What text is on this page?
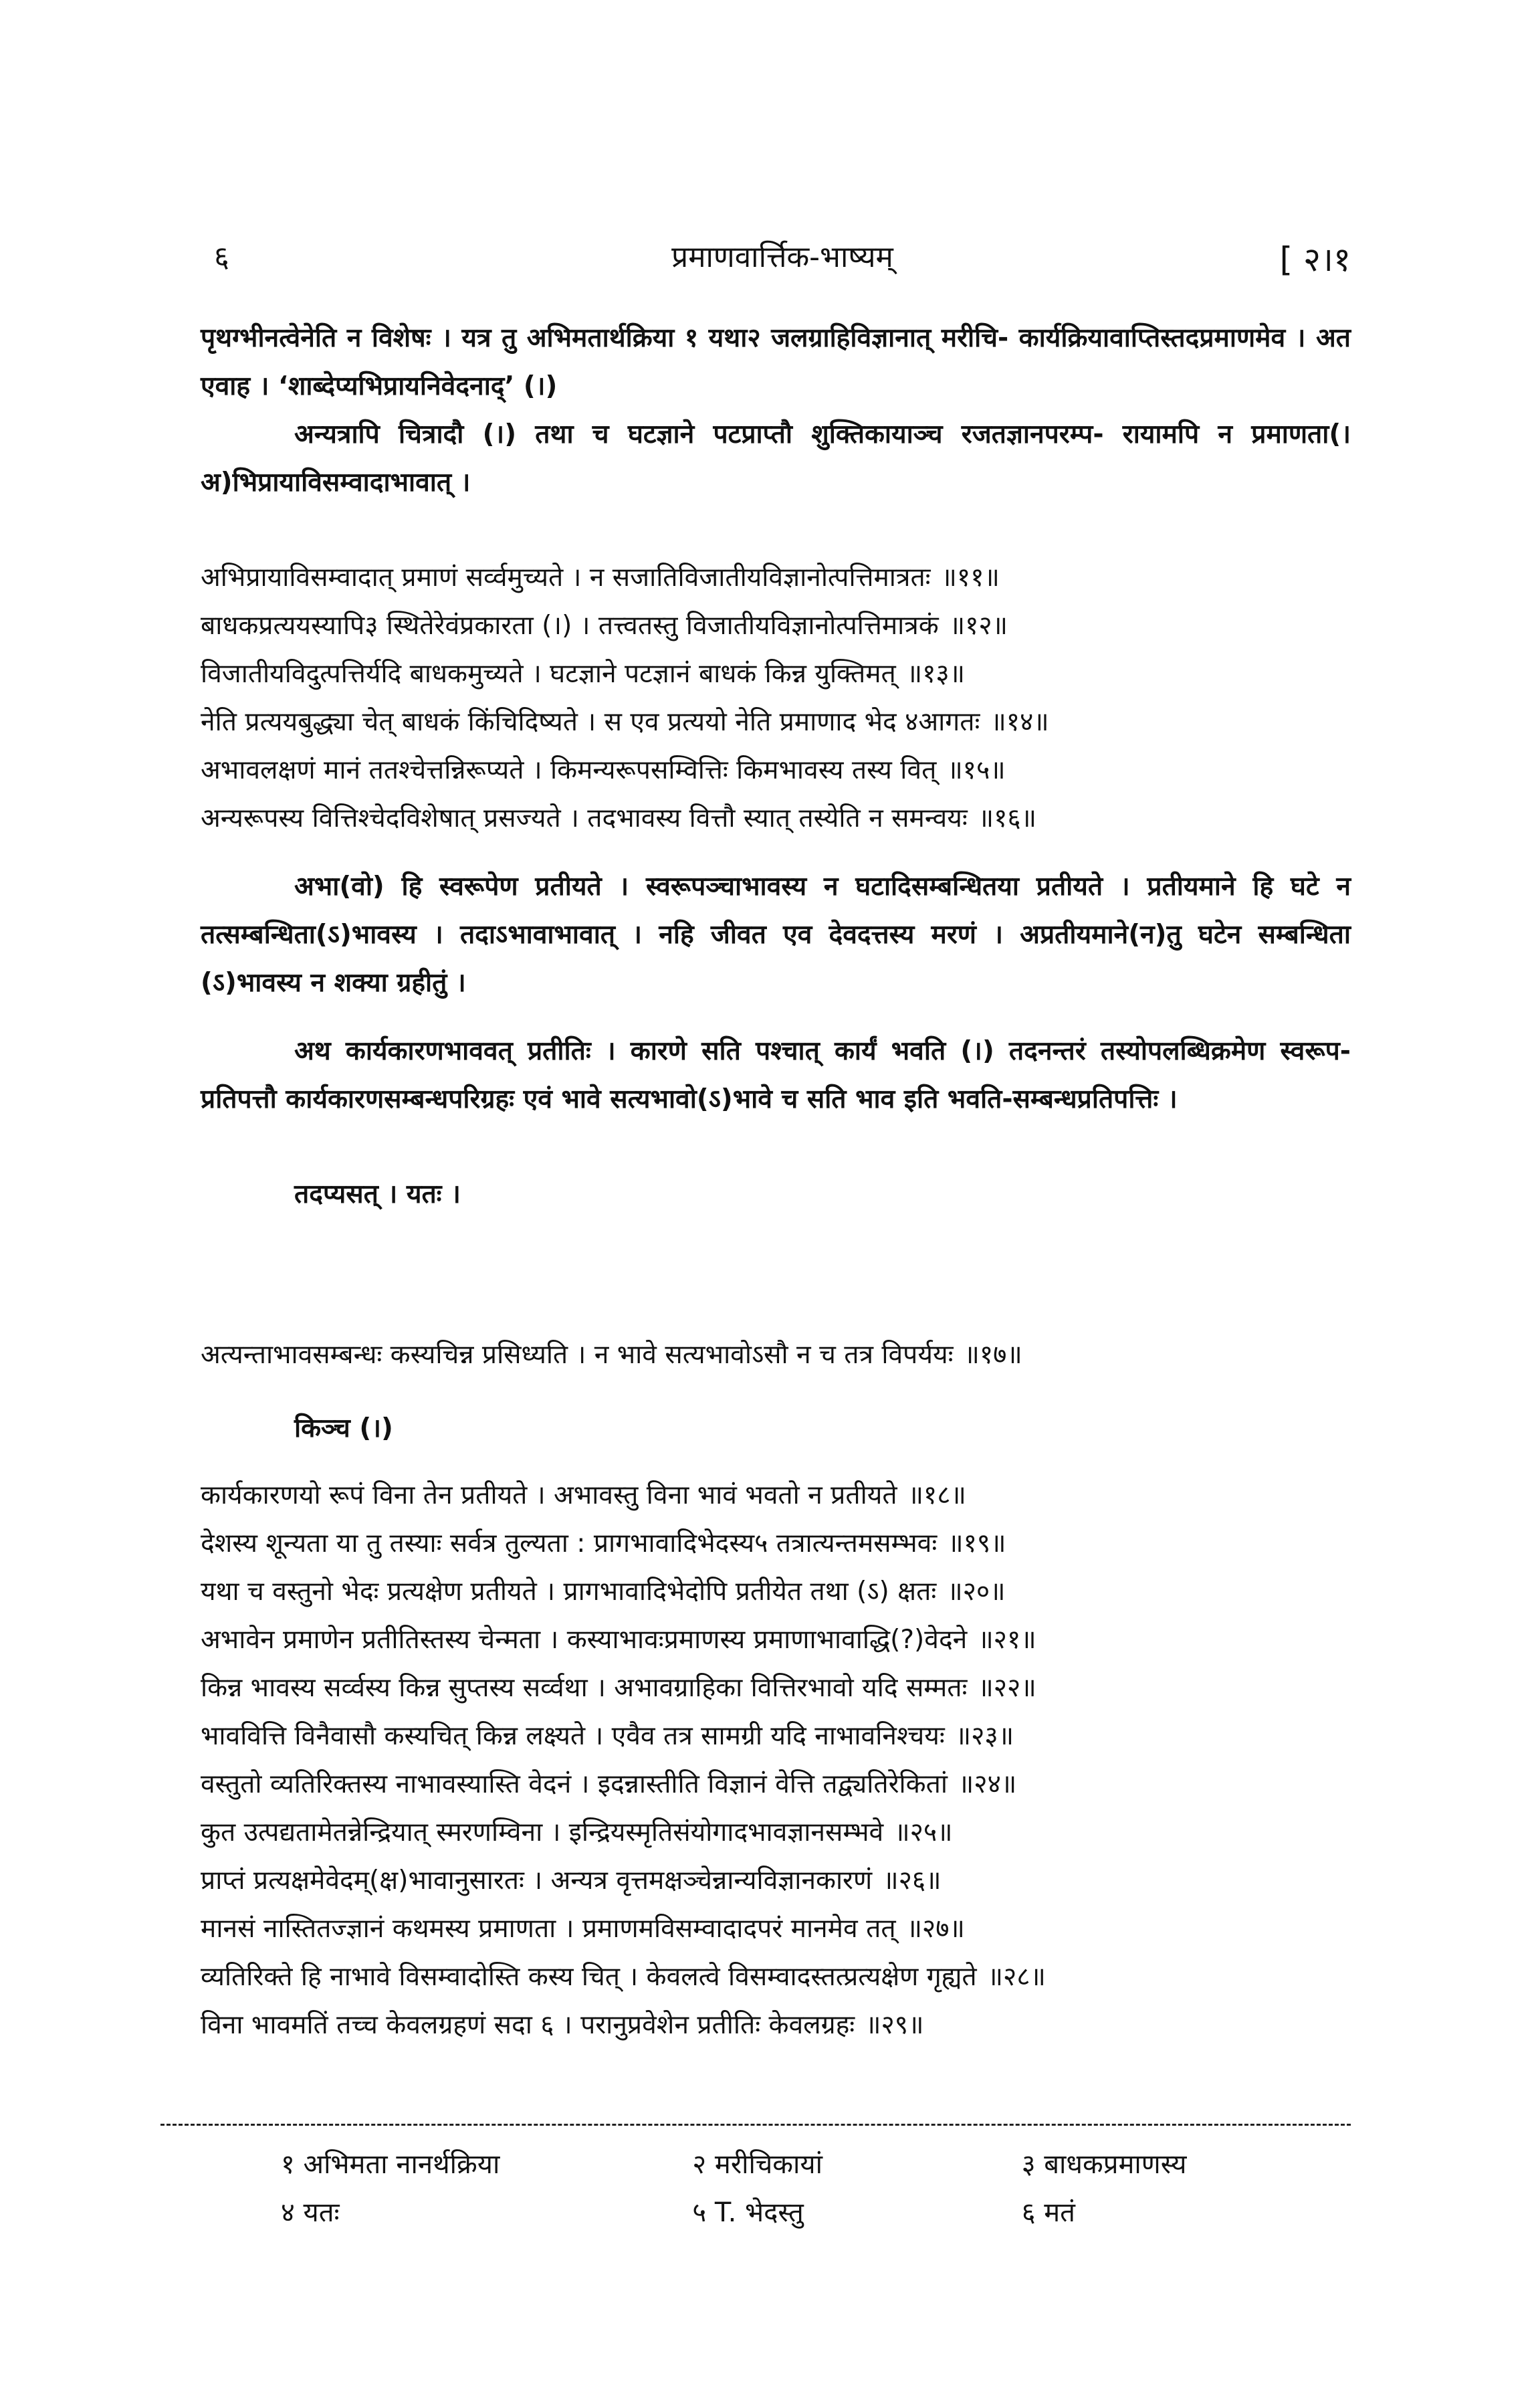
६	प्रमाणवार्त्तिक-भाष्यम्	[ २।१

पृथग्भीनत्वेनेति न विशेषः । यत्र तु अभिमतार्थक्रिया १ यथा२ जलग्राहिविज्ञानात् मरीचि- कार्यक्रियावाप्तिस्तदप्रमाणमेव । अत एवाह । ‘शाब्देप्यभिप्रायनिवेदनाद्’ (।)

अन्यत्रापि चित्रादौ (।) तथा च घटज्ञाने पटप्राप्तौ शुक्तिकायाञ्च रजतज्ञानपरम्प- रायामपि न प्रमाणता(। अ)भिप्रायाविसम्वादाभावात् ।

अभिप्रायाविसम्वादात् प्रमाणं सर्व्वमुच्यते । न सजातिविजातीयविज्ञानोत्पत्तिमात्रतः ॥११॥
बाधकप्रत्ययस्यापि३ स्थितेरेवंप्रकारता (।) । तत्त्वतस्तु विजातीयविज्ञानोत्पत्तिमात्रकं ॥१२॥
विजातीयविदुत्पत्तिर्यदि बाधकमुच्यते । घटज्ञाने पटज्ञानं बाधकं किन्न युक्तिमत् ॥१३॥
नेति प्रत्ययबुद्ध्या चेत् बाधकं किंचिदिष्यते । स एव प्रत्ययो नेति प्रमाणाद भेद ४आगतः ॥१४॥
अभावलक्षणं मानं ततश्चेत्तन्निरूप्यते । किमन्यरूपसम्वित्तिः किमभावस्य तस्य वित् ॥१५॥
अन्यरूपस्य वित्तिश्चेदविशेषात् प्रसज्यते । तदभावस्य वित्तौ स्यात् तस्येति न समन्वयः ॥१६॥

अभा(वो) हि स्वरूपेण प्रतीयते । स्वरूपञ्चाभावस्य न घटादिसम्बन्धितया प्रतीयते । प्रतीयमाने हि घटे न तत्सम्बन्धिता(ऽ)भावस्य । तदाऽभावाभावात् । नहि जीवत एव देवदत्तस्य मरणं । अप्रतीयमाने(न)तु घटेन सम्बन्धिता (ऽ)भावस्य न शक्या ग्रहीतुं ।

अथ कार्यकारणभाववत् प्रतीतिः । कारणे सति पश्चात् कार्यं भवति (।) तदनन्तरं तस्योपलब्धिक्रमेण स्वरूप-प्रतिपत्तौ कार्यकारणसम्बन्धपरिग्रहः एवं भावे सत्यभावो(ऽ)भावे च सति भाव इति भवति-सम्बन्धप्रतिपत्तिः ।

तदप्यसत् । यतः ।

अत्यन्ताभावसम्बन्धः कस्यचिन्न प्रसिध्यति । न भावे सत्यभावोऽसौ न च तत्र विपर्ययः ॥१७॥

किञ्च (।)

कार्यकारणयो रूपं विना तेन प्रतीयते । अभावस्तु विना भावं भवतो न प्रतीयते ॥१८॥
देशस्य शून्यता या तु तस्याः सर्वत्र तुल्यता : प्रागभावादिभेदस्य५ तत्रात्यन्तमसम्भवः ॥१९॥
यथा च वस्तुनो भेदः प्रत्यक्षेण प्रतीयते । प्रागभावादिभेदोपि प्रतीयेत तथा (ऽ) क्षतः ॥२०॥
अभावेन प्रमाणेन प्रतीतिस्तस्य चेन्मता । कस्याभावःप्रमाणस्य प्रमाणाभावाद्धि(?)वेदने ॥२१॥
किन्न भावस्य सर्व्वस्य किन्न सुप्तस्य सर्व्वथा । अभावग्राहिका वित्तिरभावो यदि सम्मतः ॥२२॥
भाववित्ति विनैवासौ कस्यचित् किन्न लक्ष्यते । एवैव तत्र सामग्री यदि नाभावनिश्चयः ॥२३॥
वस्तुतो व्यतिरिक्तस्य नाभावस्यास्ति वेदनं । इदन्नास्तीति विज्ञानं वेत्ति तद्व्यतिरेकितां ॥२४॥
कुत उत्पद्यतामेतन्नेन्द्रियात् स्मरणम्विना । इन्द्रियस्मृतिसंयोगादभावज्ञानसम्भवे ॥२५॥
प्राप्तं प्रत्यक्षमेवेदम्(क्ष)भावानुसारतः । अन्यत्र वृत्तमक्षञ्चेन्नान्यविज्ञानकारणं ॥२६॥
मानसं नास्तितज्ज्ञानं कथमस्य प्रमाणता । प्रमाणमविसम्वादादपरं मानमेव तत् ॥२७॥
व्यतिरिक्ते हि नाभावे विसम्वादोस्ति कस्य चित् । केवलत्वे विसम्वादस्तत्प्रत्यक्षेण गृह्यते ॥२८॥
विना भावमतिं तच्च केवलग्रहणं सदा ६ । परानुप्रवेशेन प्रतीतिः केवलग्रहः ॥२९॥
१ अभिमता नानर्थक्रिया	२ मरीचिकायां	३ बाधकप्रमाणस्य
४ यतः	५ T. भेदस्तु	६ मतं
